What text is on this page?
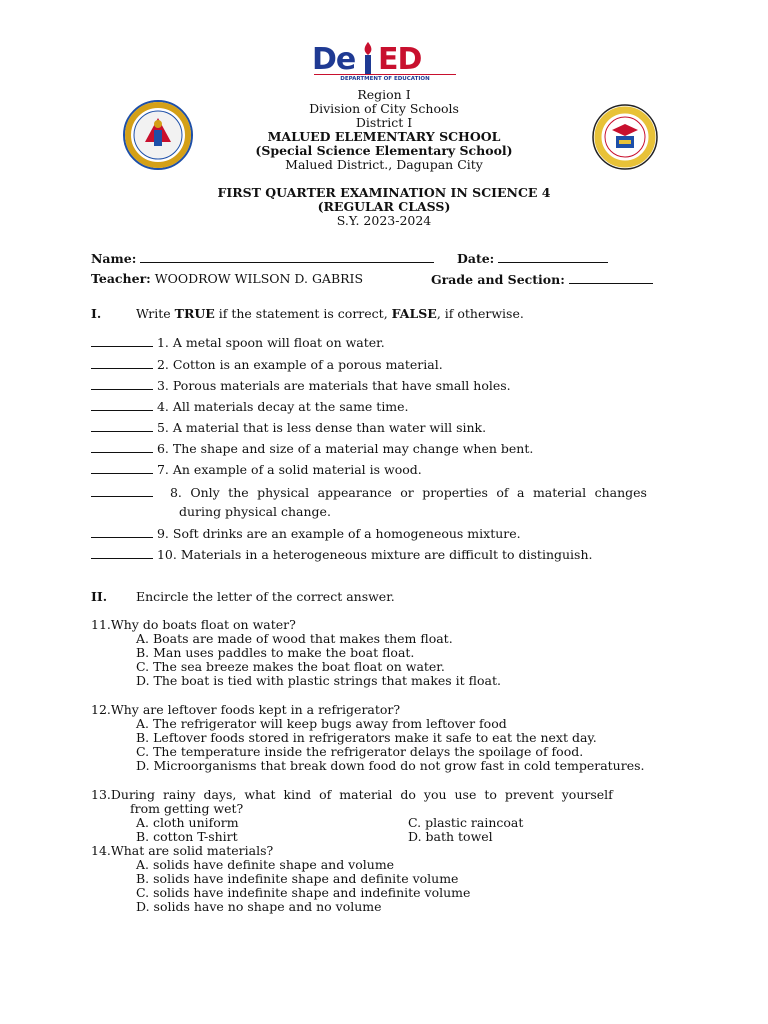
De ED
DEPARTMENT OF EDUCATION
Region I
Division of City Schools
District I
MALUED ELEMENTARY SCHOOL
(Special Science Elementary School)
Malued District., Dagupan City
FIRST QUARTER EXAMINATION IN SCIENCE 4
(REGULAR CLASS)
S.Y. 2023-2024
Name:	Date:
Teacher: WOODROW WILSON D. GABRIS	Grade and Section:
I.	Write TRUE if the statement is correct, FALSE, if otherwise.
1. A metal spoon will float on water.
2. Cotton is an example of a porous material.
3. Porous materials are materials that have small holes.
4. All materials decay at the same time.
5. A material that is less dense than water will sink.
6. The shape and size of a material may change when bent.
7. An example of a solid material is wood.
8. Only the physical appearance or properties of a material changes
during physical change.
9. Soft drinks are an example of a homogeneous mixture.
10. Materials in a heterogeneous mixture are difficult to distinguish.
II. Encircle the letter of the correct answer.
11.Why do boats float on water?
A. Boats are made of wood that makes them float.
B. Man uses paddles to make the boat float.
C. The sea breeze makes the boat float on water.
D. The boat is tied with plastic strings that makes it float.
12.Why are leftover foods kept in a refrigerator?
A. The refrigerator will keep bugs away from leftover food
B. Leftover foods stored in refrigerators make it safe to eat the next day.
C. The temperature inside the refrigerator delays the spoilage of food.
D. Microorganisms that break down food do not grow fast in cold temperatures.
13.During rainy days, what kind of material do you use to prevent yourself
from getting wet?
A. cloth uniform
B. cotton T-shirt
C. plastic raincoat
D. bath towel
14.What are solid materials?
A. solids have definite shape and volume
B. solids have indefinite shape and definite volume
C. solids have indefinite shape and indefinite volume
D. solids have no shape and no volume
